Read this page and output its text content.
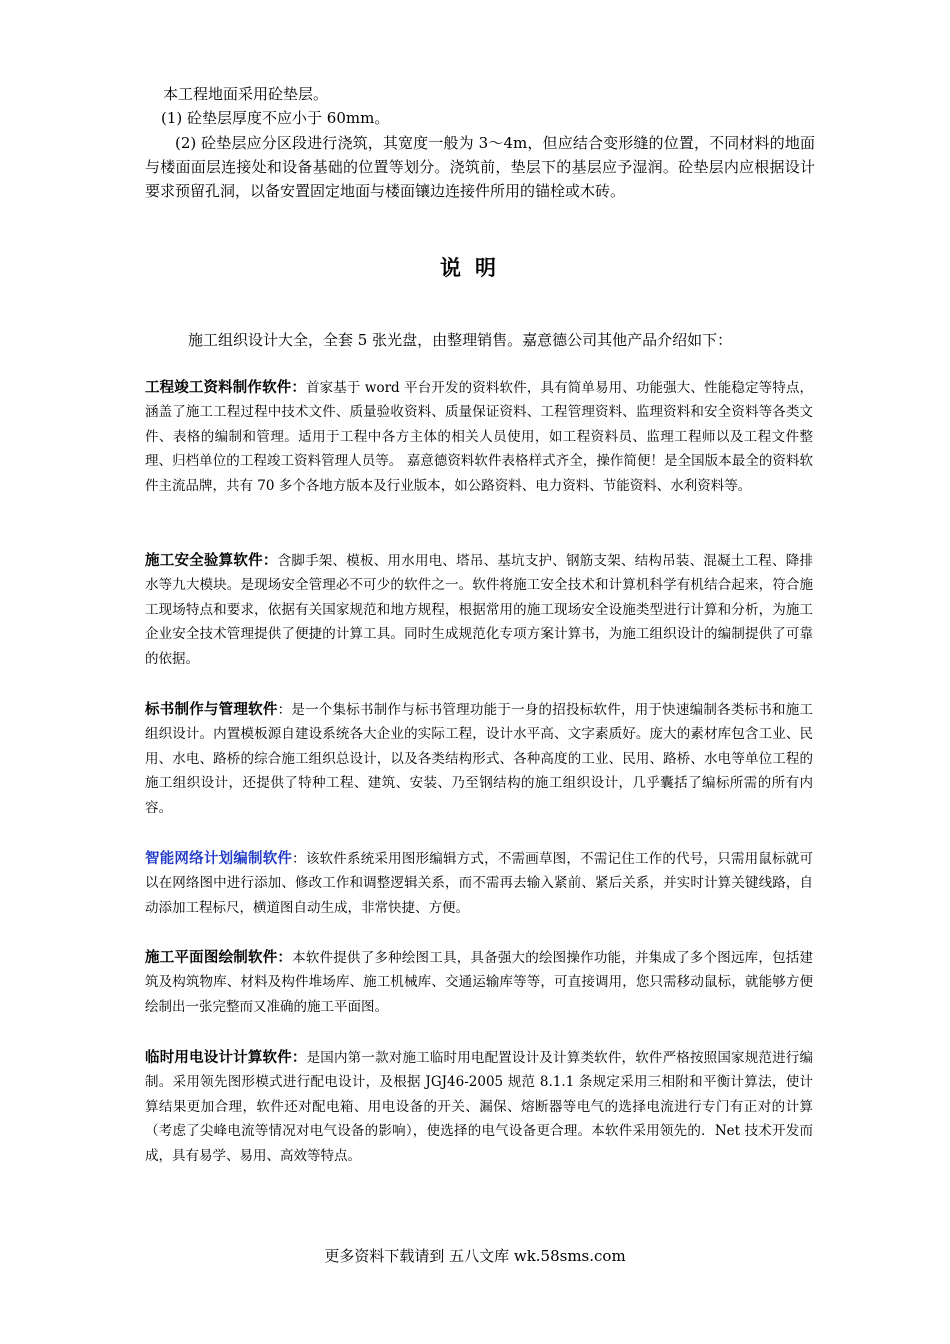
本工程地面采用砼垫层。
(1) 砼垫层厚度不应小于 60mm。
(2) 砼垫层应分区段进行浇筑，其宽度一般为 3～4m，但应结合变形缝的位置，不同材料的地面与楼面面层连接处和设备基础的位置等划分。浇筑前，垫层下的基层应予湿润。砼垫层内应根据设计要求预留孔洞，以备安置固定地面与楼面镶边连接件所用的锚栓或木砖。
说明
施工组织设计大全，全套 5 张光盘，由整理销售。嘉意德公司其他产品介绍如下：
工程竣工资料制作软件：首家基于 word 平台开发的资料软件，具有简单易用、功能强大、性能稳定等特点，涵盖了施工工程过程中技术文件、质量验收资料、质量保证资料、工程管理资料、监理资料和安全资料等各类文件、表格的编制和管理。适用于工程中各方主体的相关人员使用，如工程资料员、监理工程师以及工程文件整理、归档单位的工程竣工资料管理人员等。 嘉意德资料软件表格样式齐全，操作简便！是全国版本最全的资料软件主流品牌，共有 70 多个各地方版本及行业版本，如公路资料、电力资料、节能资料、水利资料等。
施工安全验算软件：含脚手架、模板、用水用电、塔吊、基坑支护、钢筋支架、结构吊装、混凝土工程、降排水等九大模块。是现场安全管理必不可少的软件之一。软件将施工安全技术和计算机科学有机结合起来，符合施工现场特点和要求，依据有关国家规范和地方规程，根据常用的施工现场安全设施类型进行计算和分析，为施工企业安全技术管理提供了便捷的计算工具。同时生成规范化专项方案计算书，为施工组织设计的编制提供了可靠的依据。
标书制作与管理软件：是一个集标书制作与标书管理功能于一身的招投标软件，用于快速编制各类标书和施工组织设计。内置模板源自建设系统各大企业的实际工程，设计水平高、文字素质好。庞大的素材库包含工业、民用、水电、路桥的综合施工组织总设计，以及各类结构形式、各种高度的工业、民用、路桥、水电等单位工程的施工组织设计，还提供了特种工程、建筑、安装、乃至钢结构的施工组织设计，几乎囊括了编标所需的所有内容。
智能网络计划编制软件：该软件系统采用图形编辑方式，不需画草图，不需记住工作的代号，只需用鼠标就可以在网络图中进行添加、修改工作和调整逻辑关系，而不需再去输入紧前、紧后关系，并实时计算关键线路，自动添加工程标尺，横道图自动生成，非常快捷、方便。
施工平面图绘制软件：本软件提供了多种绘图工具，具备强大的绘图操作功能，并集成了多个图远库，包括建筑及构筑物库、材料及构件堆场库、施工机械库、交通运输库等等，可直接调用，您只需移动鼠标，就能够方便绘制出一张完整而又准确的施工平面图。
临时用电设计计算软件：是国内第一款对施工临时用电配置设计及计算类软件，软件严格按照国家规范进行编制。采用领先图形模式进行配电设计，及根据 JGJ46-2005 规范 8.1.1 条规定采用三相附和平衡计算法，使计算结果更加合理，软件还对配电箱、用电设备的开关、漏保、熔断器等电气的选择电流进行专门有正对的计算（考虑了尖峰电流等情况对电气设备的影响），使选择的电气设备更合理。本软件采用领先的．Net 技术开发而成，具有易学、易用、高效等特点。
更多资料下载请到 五八文库 wk.58sms.com
